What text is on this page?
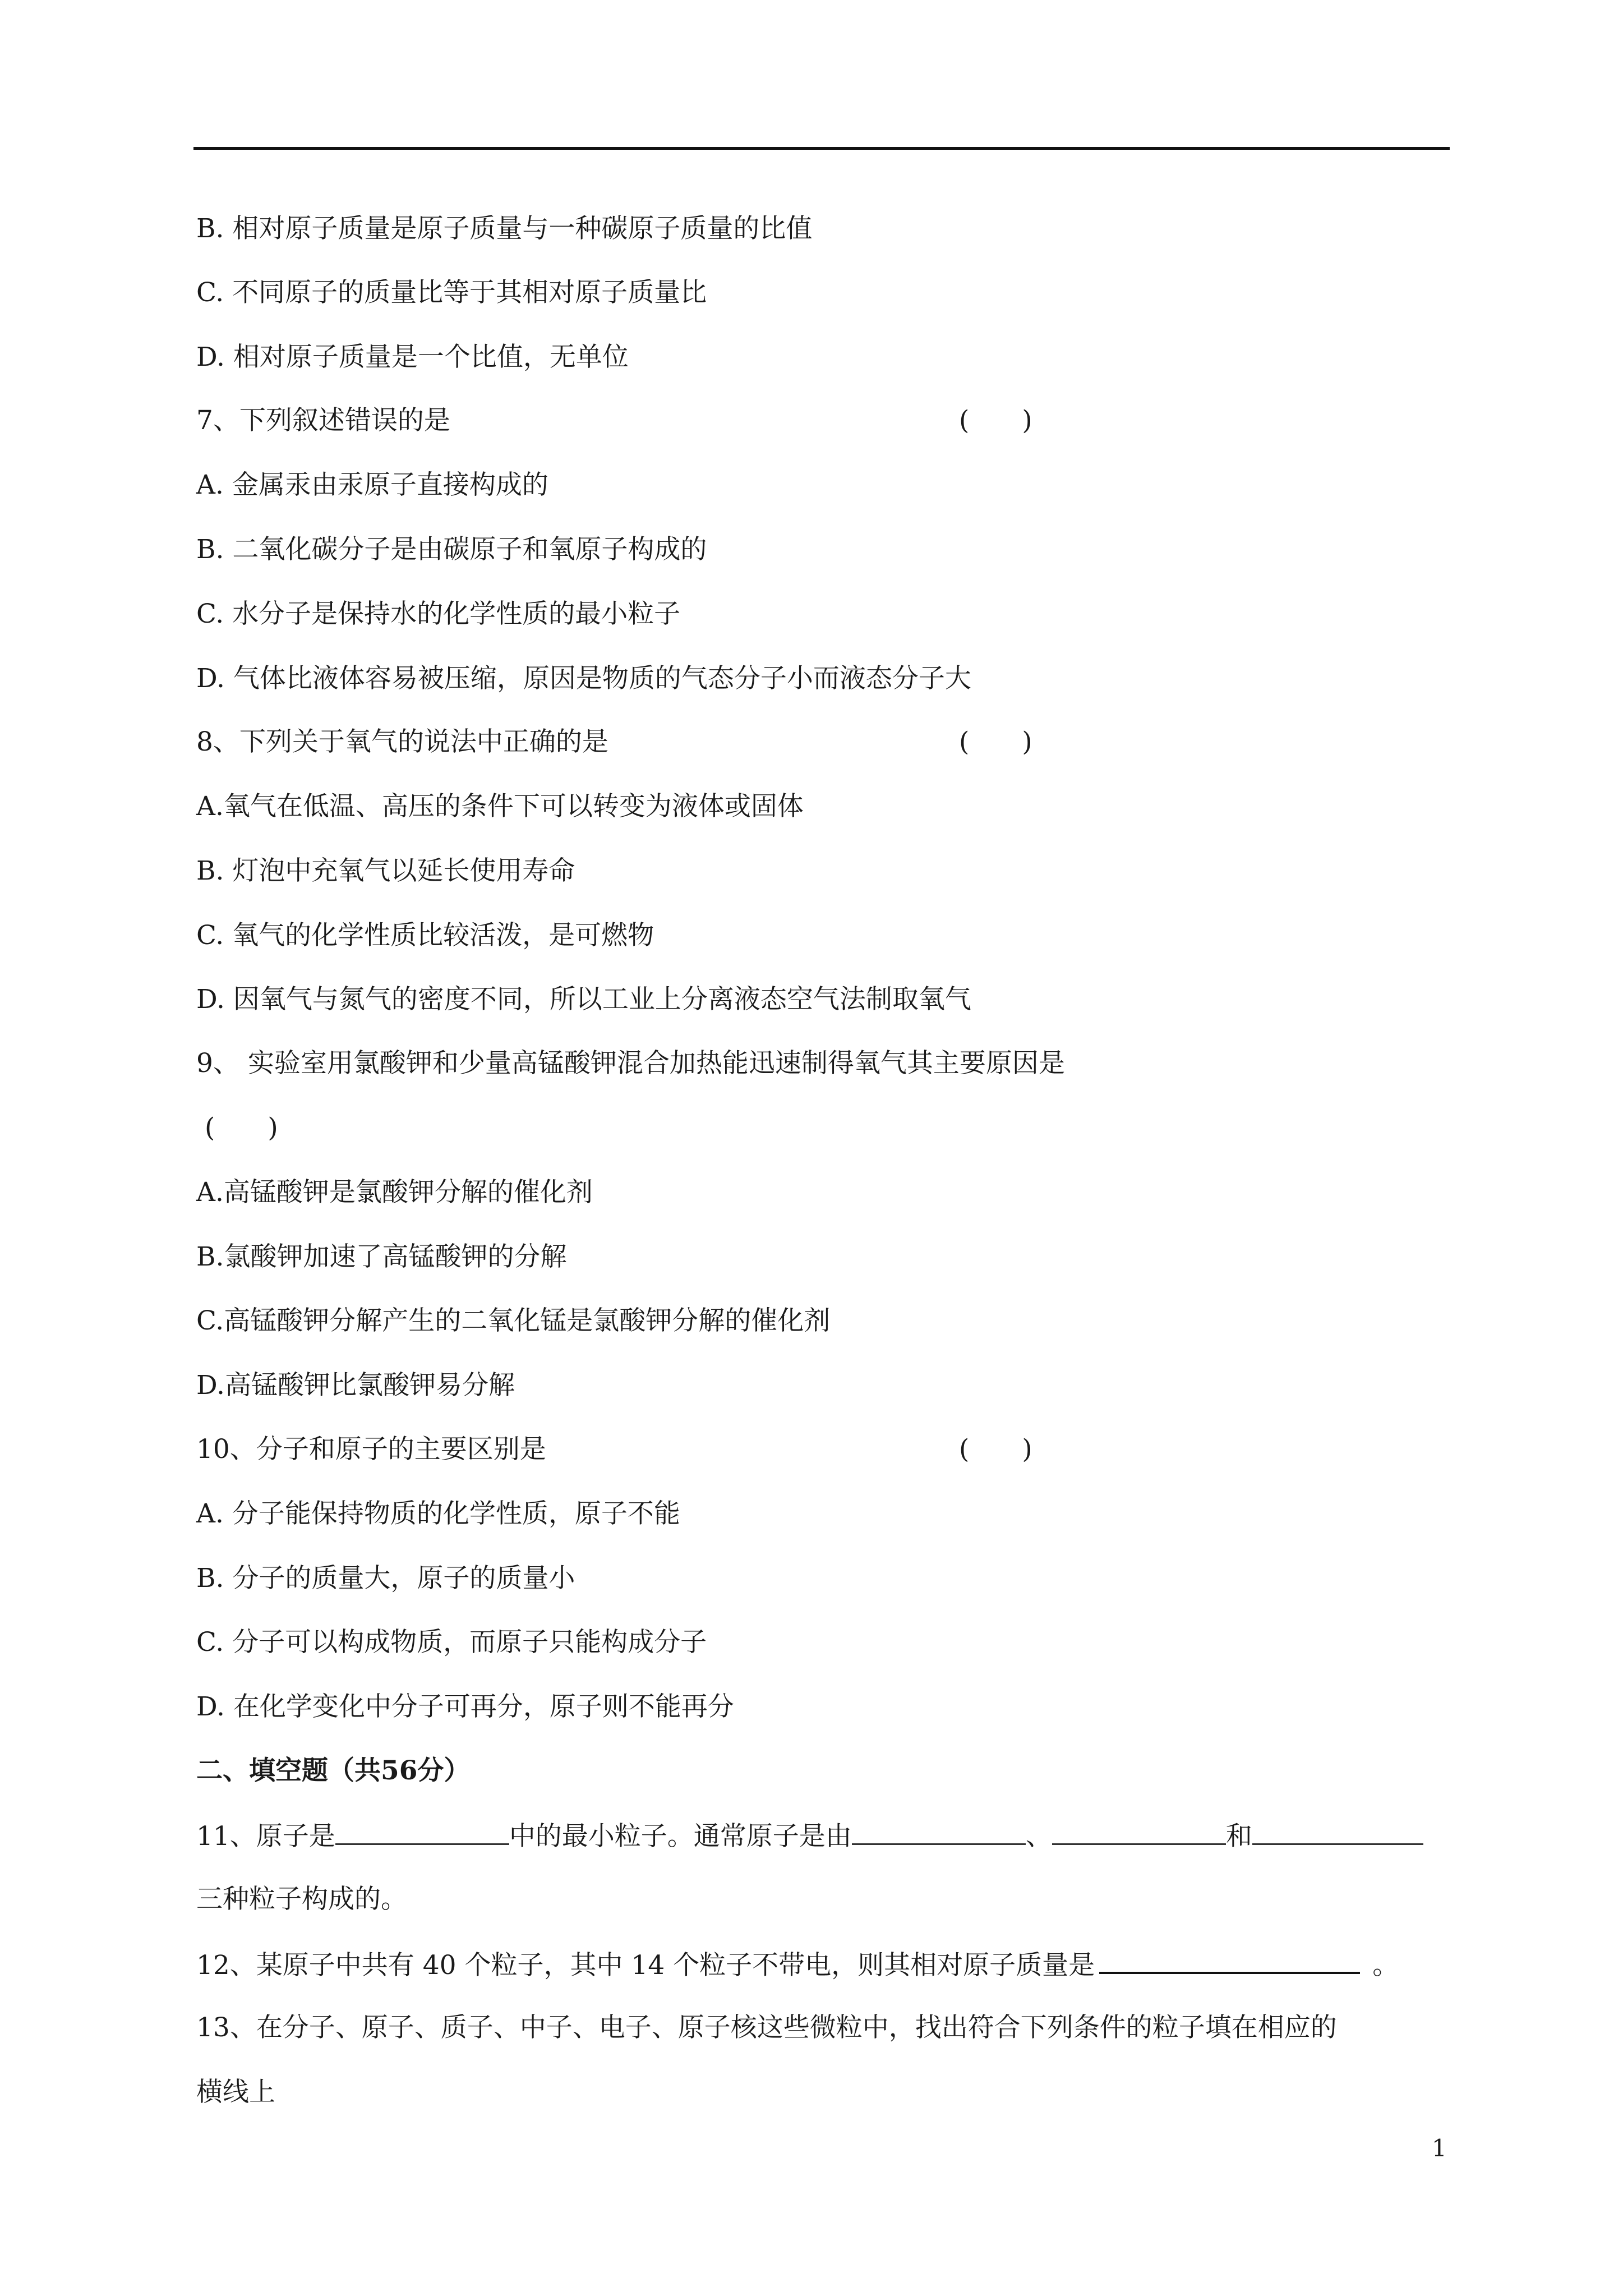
B. 相对原子质量是原子质量与一种碳原子质量的比值
C. 不同原子的质量比等于其相对原子质量比
D. 相对原子质量是一个比值，无单位
7、下列叙述错误的是	(　　)
A. 金属汞由汞原子直接构成的
B. 二氧化碳分子是由碳原子和氧原子构成的
C. 水分子是保持水的化学性质的最小粒子
D. 气体比液体容易被压缩，原因是物质的气态分子小而液态分子大
8、下列关于氧气的说法中正确的是	(　　)
A.氧气在低温、高压的条件下可以转变为液体或固体
B. 灯泡中充氧气以延长使用寿命
C. 氧气的化学性质比较活泼，是可燃物
D. 因氧气与氮气的密度不同，所以工业上分离液态空气法制取氧气
9、 实验室用氯酸钾和少量高锰酸钾混合加热能迅速制得氧气其主要原因是
(　　)
A.高锰酸钾是氯酸钾分解的催化剂
B.氯酸钾加速了高锰酸钾的分解
C.高锰酸钾分解产生的二氧化锰是氯酸钾分解的催化剂
D.高锰酸钾比氯酸钾易分解
10、分子和原子的主要区别是	(　　)
A. 分子能保持物质的化学性质，原子不能
B. 分子的质量大，原子的质量小
C. 分子可以构成物质，而原子只能构成分子
D. 在化学变化中分子可再分，原子则不能再分
二、填空题（共56分）
11、原子是	中的最小粒子。通常原子是由	、	和
三种粒子构成的。
12、某原子中共有 40 个粒子，其中 14 个粒子不带电，则其相对原子质量是	。
13、在分子、原子、质子、中子、电子、原子核这些微粒中，找出符合下列条件的粒子填在相应的
横线上
1
